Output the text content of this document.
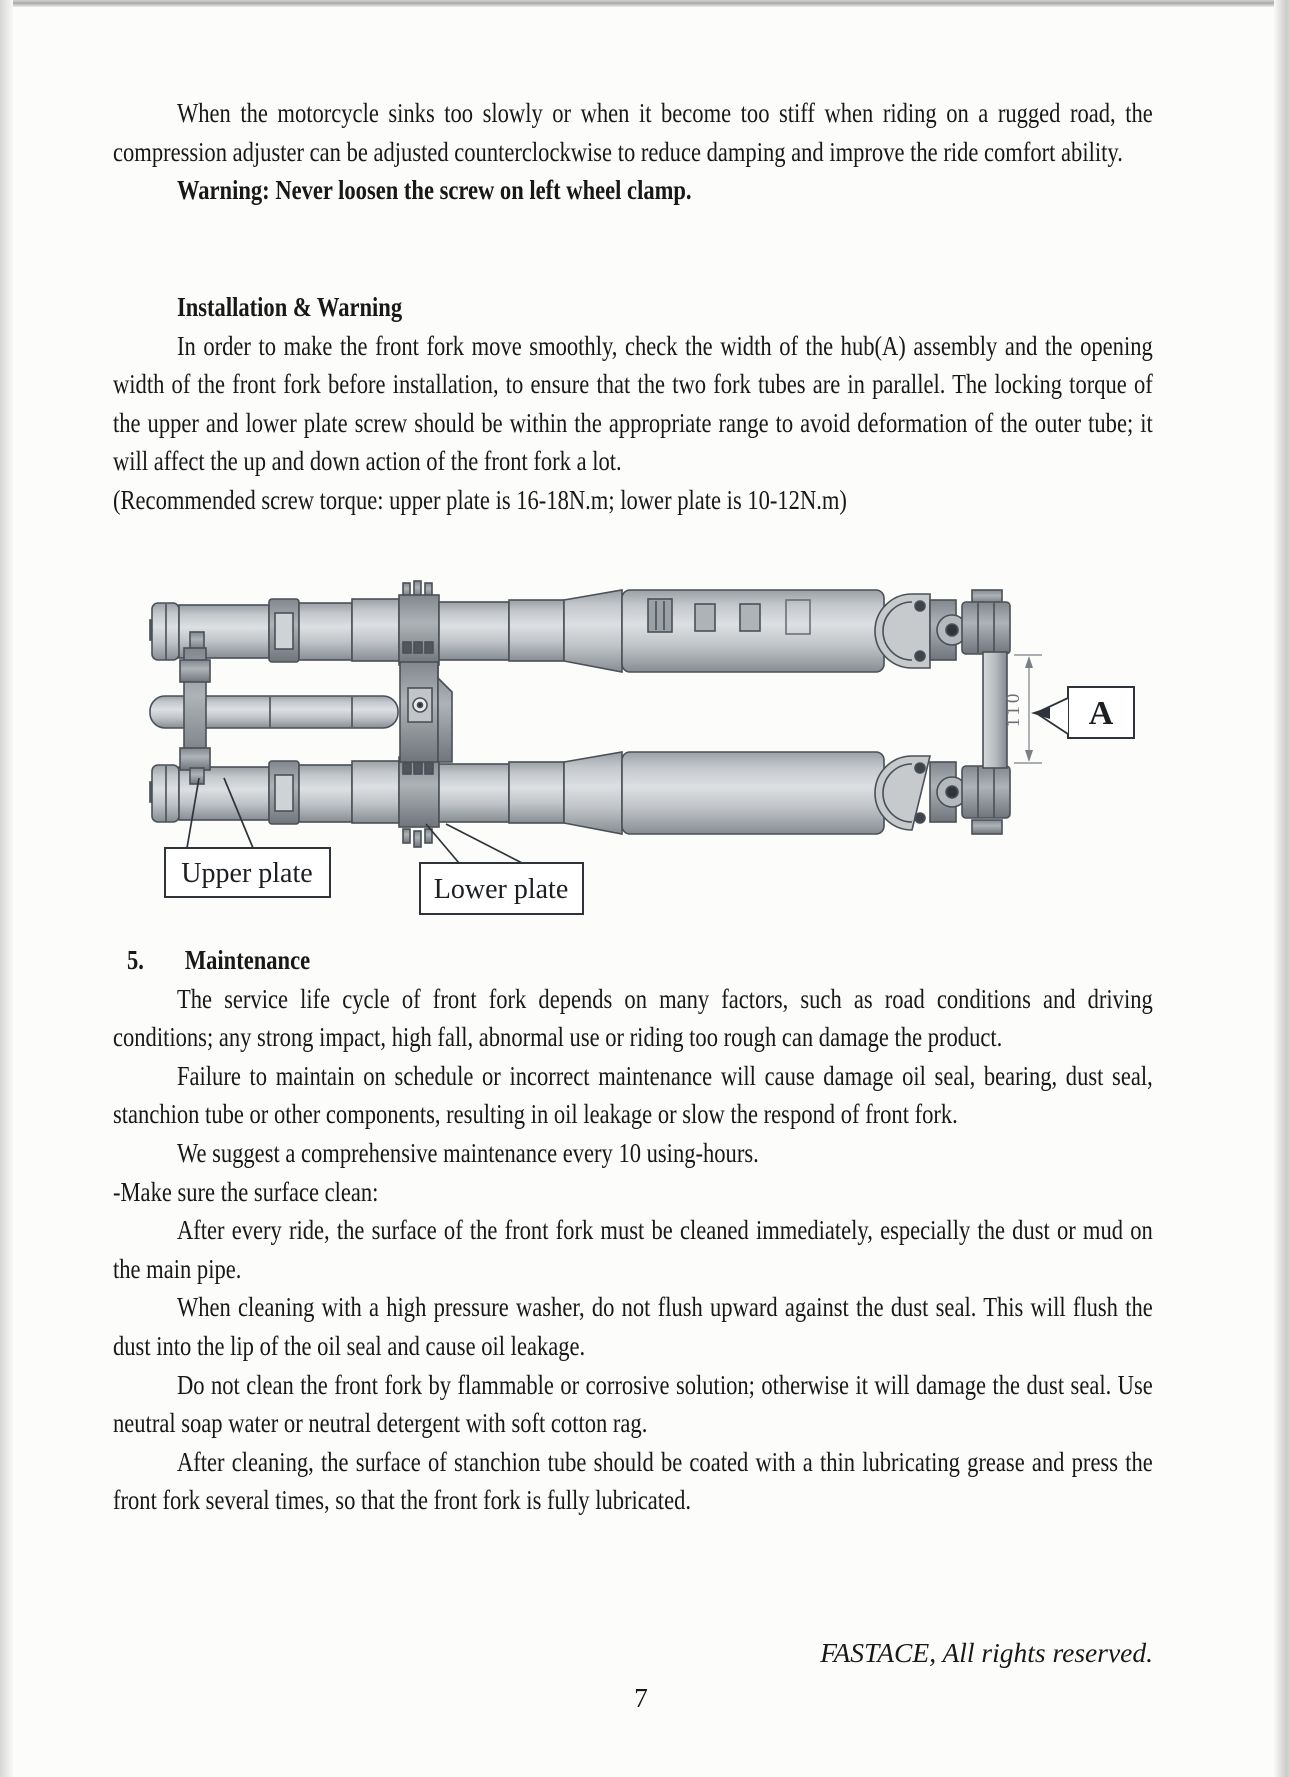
When the motorcycle sinks too slowly or when it become too stiff when riding on a rugged road, the compression adjuster can be adjusted counterclockwise to reduce damping and improve the ride comfort ability.

Warning: Never loosen the screw on left wheel clamp.

Installation & Warning

In order to make the front fork move smoothly, check the width of the hub(A) assembly and the opening width of the front fork before installation, to ensure that the two fork tubes are in parallel. The locking torque of the upper and lower plate screw should be within the appropriate range to avoid deformation of the outer tube; it will affect the up and down action of the front fork a lot.

(Recommended screw torque: upper plate is 16-18N.m; lower plate is 10-12N.m)

110 A
Upper plate
Lower plate

5. Maintenance

The service life cycle of front fork depends on many factors, such as road conditions and driving conditions; any strong impact, high fall, abnormal use or riding too rough can damage the product.

Failure to maintain on schedule or incorrect maintenance will cause damage oil seal, bearing, dust seal, stanchion tube or other components, resulting in oil leakage or slow the respond of front fork.

We suggest a comprehensive maintenance every 10 using-hours.

-Make sure the surface clean:

After every ride, the surface of the front fork must be cleaned immediately, especially the dust or mud on the main pipe.

When cleaning with a high pressure washer, do not flush upward against the dust seal. This will flush the dust into the lip of the oil seal and cause oil leakage.

Do not clean the front fork by flammable or corrosive solution; otherwise it will damage the dust seal. Use neutral soap water or neutral detergent with soft cotton rag.

After cleaning, the surface of stanchion tube should be coated with a thin lubricating grease and press the front fork several times, so that the front fork is fully lubricated.

FASTACE, All rights reserved.
7
